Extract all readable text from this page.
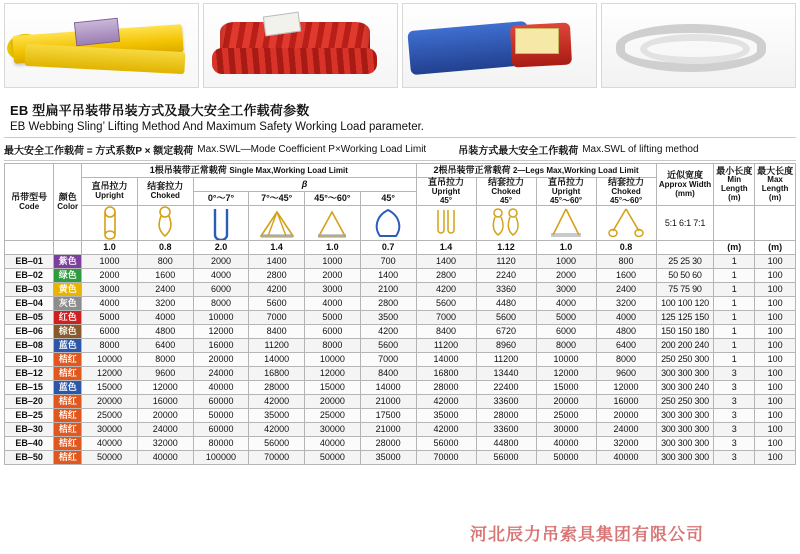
EB 型扁平吊装带吊装方式及最大安全工作载荷参数
EB Webbing Sling’ Lifting Method And Maximum Safety Working Load parameter.
最大安全工作载荷 = 方式系数P × 额定载荷 Max.SWL—Mode Coefficient P×Working Load Limit	吊装方式最大安全工作载荷 Max.SWL of lifting method
吊带型号
Code	颜色
Color	1根吊装带正常载荷 Single Max,Working Load Limit						2根吊装带正常载荷 2—Legs Max,Working Load Limit				近似宽度
Approx Width
(mm)	最小长度
Min Length
(m)	最大长度
Max Length
(m)

		直吊拉力
Upright	结套拉力
Choked	β				直吊拉力
Upright
45°	结套拉力
Choked
45°	直吊拉力
Upright
45°～60°	结套拉力
Choked
45°～60°			

				0°～7°	7°～45°	45°～60°	45°							

	5:1 6:1 7:1		
		1.0	0.8	2.0	1.4	1.0	0.7	1.4	1.12	1.0	0.8		(m)	(m)
EB–01	紫色	1000	800	2000	1400	1000	700	1400	1120	1000	800	25 25 30	1	100
EB–02	绿色	2000	1600	4000	2800	2000	1400	2800	2240	2000	1600	50 50 60	1	100
EB–03	黄色	3000	2400	6000	4200	3000	2100	4200	3360	3000	2400	75 75 90	1	100
EB–04	灰色	4000	3200	8000	5600	4000	2800	5600	4480	4000	3200	100 100 120	1	100
EB–05	红色	5000	4000	10000	7000	5000	3500	7000	5600	5000	4000	125 125 150	1	100
EB–06	棕色	6000	4800	12000	8400	6000	4200	8400	6720	6000	4800	150 150 180	1	100
EB–08	蓝色	8000	6400	16000	11200	8000	5600	11200	8960	8000	6400	200 200 240	1	100
EB–10	桔红	10000	8000	20000	14000	10000	7000	14000	11200	10000	8000	250 250 300	1	100
EB–12	桔红	12000	9600	24000	16800	12000	8400	16800	13440	12000	9600	300 300 300	3	100
EB–15	蓝色	15000	12000	40000	28000	15000	14000	28000	22400	15000	12000	300 300 240	3	100
EB–20	桔红	20000	16000	60000	42000	20000	21000	42000	33600	20000	16000	250 250 300	3	100
EB–25	桔红	25000	20000	50000	35000	25000	17500	35000	28000	25000	20000	300 300 300	3	100
EB–30	桔红	30000	24000	60000	42000	30000	21000	42000	33600	30000	24000	300 300 300	3	100
EB–40	桔红	40000	32000	80000	56000	40000	28000	56000	44800	40000	32000	300 300 300	3	100
EB–50	桔红	50000	40000	100000	70000	50000	35000	70000	56000	50000	40000	300 300 300	3	100
河北辰力吊索具集团有限公司
